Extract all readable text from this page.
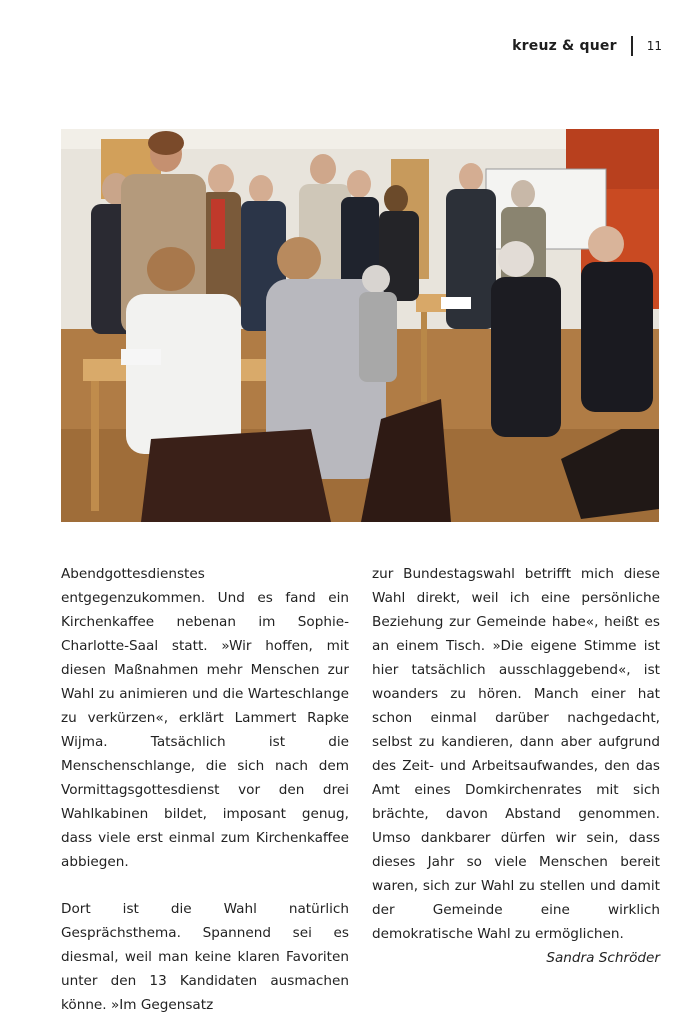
kreuz & quer	11

Abendgottesdienstes entgegenzukommen. Und es fand ein Kirchenkaffee nebenan im Sophie-Charlotte-Saal statt. »Wir hoffen, mit diesen Maßnahmen mehr Menschen zur Wahl zu animieren und die Warteschlange zu verkürzen«, erklärt Lammert Rapke Wijma. Tatsächlich ist die Menschenschlange, die sich nach dem Vormittagsgottesdienst vor den drei Wahlkabinen bildet, imposant genug, dass viele erst einmal zum Kirchenkaffee abbiegen.

Dort ist die Wahl natürlich Gesprächsthema. Spannend sei es diesmal, weil man keine klaren Favoriten unter den 13 Kandidaten ausmachen könne. »Im Gegensatz

zur Bundestagswahl betrifft mich diese Wahl direkt, weil ich eine persönliche Beziehung zur Gemeinde habe«, heißt es an einem Tisch. »Die eigene Stimme ist hier tatsächlich ausschlaggebend«, ist woanders zu hören. Manch einer hat schon einmal darüber nachgedacht, selbst zu kandieren, dann aber aufgrund des Zeit- und Arbeitsaufwandes, den das Amt eines Domkirchenrates mit sich brächte, davon Abstand genommen. Umso dankbarer dürfen wir sein, dass dieses Jahr so viele Menschen bereit waren, sich zur Wahl zu stellen und damit der Gemeinde eine wirklich demokratische Wahl zu ermöglichen.

Sandra Schröder
